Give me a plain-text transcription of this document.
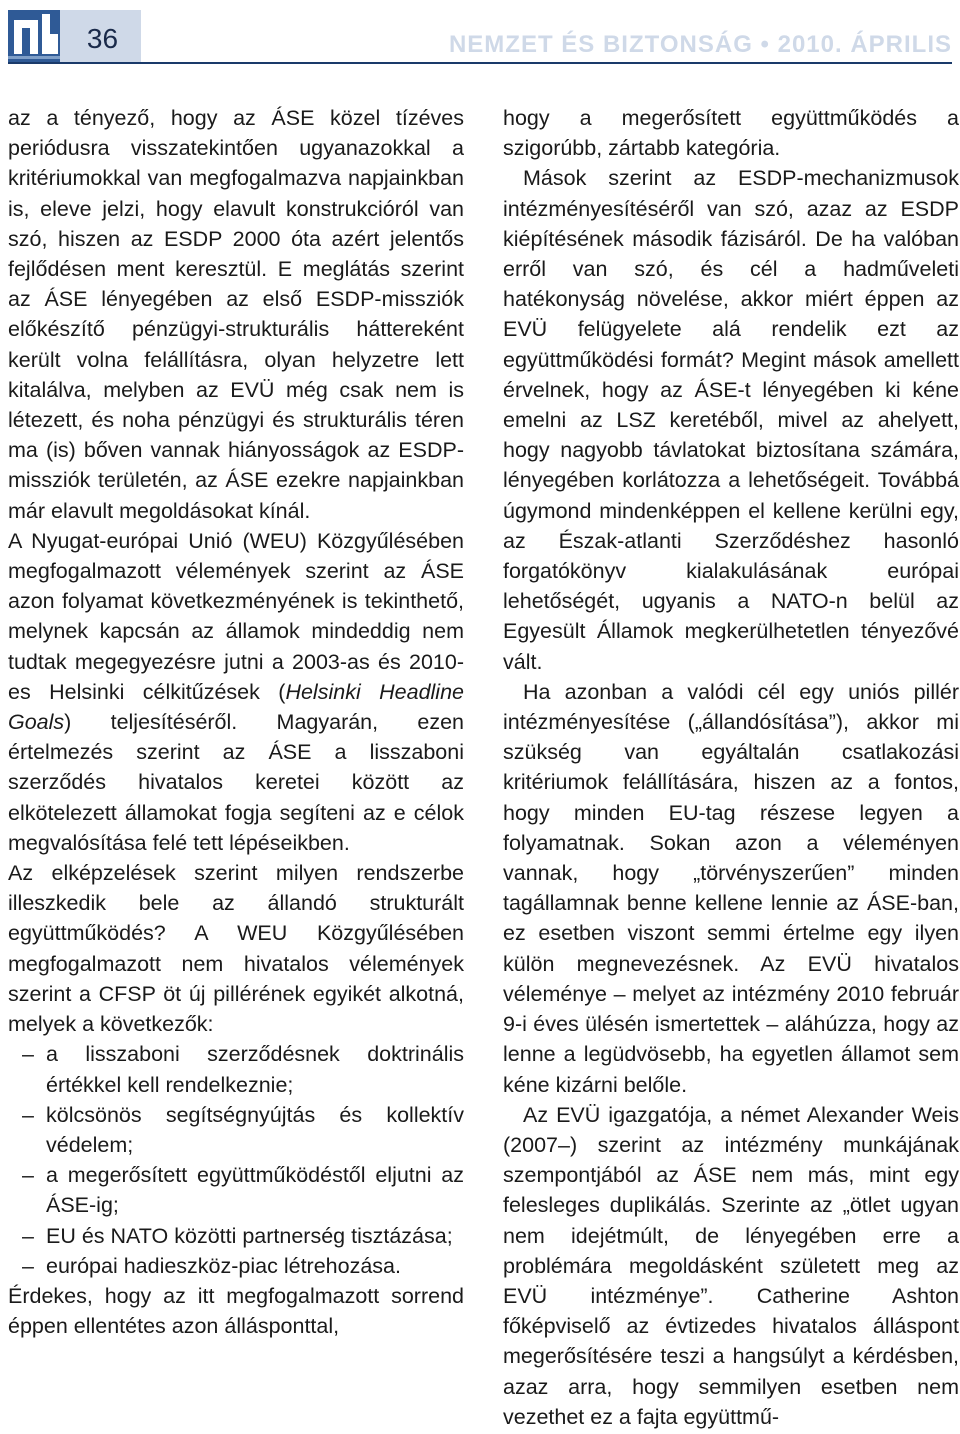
36	NEMZET ÉS BIZTONSÁG • 2010. ÁPRILIS

az a tényező, hogy az ÁSE közel tízéves periódusra visszatekintően ugyanazokkal a kritériumokkal van megfogalmazva napjainkban is, eleve jelzi, hogy elavult konstrukcióról van szó, hiszen az ESDP 2000 óta azért jelentős fejlődésen ment keresztül. E meglátás szerint az ÁSE lényegében az első ESDP-missziók előkészítő pénzügyi-strukturális háttereként került volna felállításra, olyan helyzetre lett kitalálva, melyben az EVÜ még csak nem is létezett, és noha pénzügyi és strukturális téren ma (is) bőven vannak hiányosságok az ESDP-missziók területén, az ÁSE ezekre napjainkban már elavult megoldásokat kínál.

A Nyugat-európai Unió (WEU) Közgyűlésében megfogalmazott vélemények szerint az ÁSE azon folyamat következményének is tekinthető, melynek kapcsán az államok mindeddig nem tudtak megegyezésre jutni a 2003-as és 2010-es Helsinki célkitűzések (Helsinki Headline Goals) teljesítéséről. Magyarán, ezen értelmezés szerint az ÁSE a lisszaboni szerződés hivatalos keretei között az elkötelezett államokat fogja segíteni az e célok megvalósítása felé tett lépéseikben.

Az elképzelések szerint milyen rendszerbe illeszkedik bele az állandó strukturált együttműködés? A WEU Közgyűlésében megfogalmazott nem hivatalos vélemények szerint a CFSP öt új pillérének egyikét alkotná, melyek a következők:

– a lisszaboni szerződésnek doktrinális értékkel kell rendelkeznie;
– kölcsönös segítségnyújtás és kollektív védelem;
– a megerősített együttműködéstől eljutni az ÁSE-ig;
– EU és NATO közötti partnerség tisztázása;
– európai hadieszköz-piac létrehozása.

Érdekes, hogy az itt megfogalmazott sorrend éppen ellentétes azon állásponttal,

hogy a megerősített együttműködés a szigorúbb, zártabb kategória.

Mások szerint az ESDP-mechanizmusok intézményesítéséről van szó, azaz az ESDP kiépítésének második fázisáról. De ha valóban erről van szó, és cél a hadműveleti hatékonyság növelése, akkor miért éppen az EVÜ felügyelete alá rendelik ezt az együttműködési formát? Megint mások amellett érvelnek, hogy az ÁSE-t lényegében ki kéne emelni az LSZ keretéből, mivel az ahelyett, hogy nagyobb távlatokat biztosítana számára, lényegében korlátozza a lehetőségeit. Továbbá úgymond mindenképpen el kellene kerülni egy, az Észak-atlanti Szerződéshez hasonló forgatókönyv kialakulásának európai lehetőségét, ugyanis a NATO-n belül az Egyesült Államok megkerülhetetlen tényezővé vált.

Ha azonban a valódi cél egy uniós pillér intézményesítése („állandósítása”), akkor mi szükség van egyáltalán csatlakozási kritériumok felállítására, hiszen az a fontos, hogy minden EU-tag részese legyen a folyamatnak. Sokan azon a véleményen vannak, hogy „törvényszerűen” minden tagállamnak benne kellene lennie az ÁSE-ban, ez esetben viszont semmi értelme egy ilyen külön megnevezésnek. Az EVÜ hivatalos véleménye – melyet az intézmény 2010 február 9-i éves ülésén ismertettek – aláhúzza, hogy az lenne a legüdvösebb, ha egyetlen államot sem kéne kizárni belőle.

Az EVÜ igazgatója, a német Alexander Weis (2007–) szerint az intézmény munkájának szempontjából az ÁSE nem más, mint egy felesleges duplikálás. Szerinte az „ötlet ugyan nem idejétmúlt, de lényegében erre a problémára megoldásként született meg az EVÜ intézménye”. Catherine Ashton főképviselő az évtizedes hivatalos álláspont megerősítésére teszi a hangsúlyt a kérdésben, azaz arra, hogy semmilyen esetben nem vezethet ez a fajta együttmű-
